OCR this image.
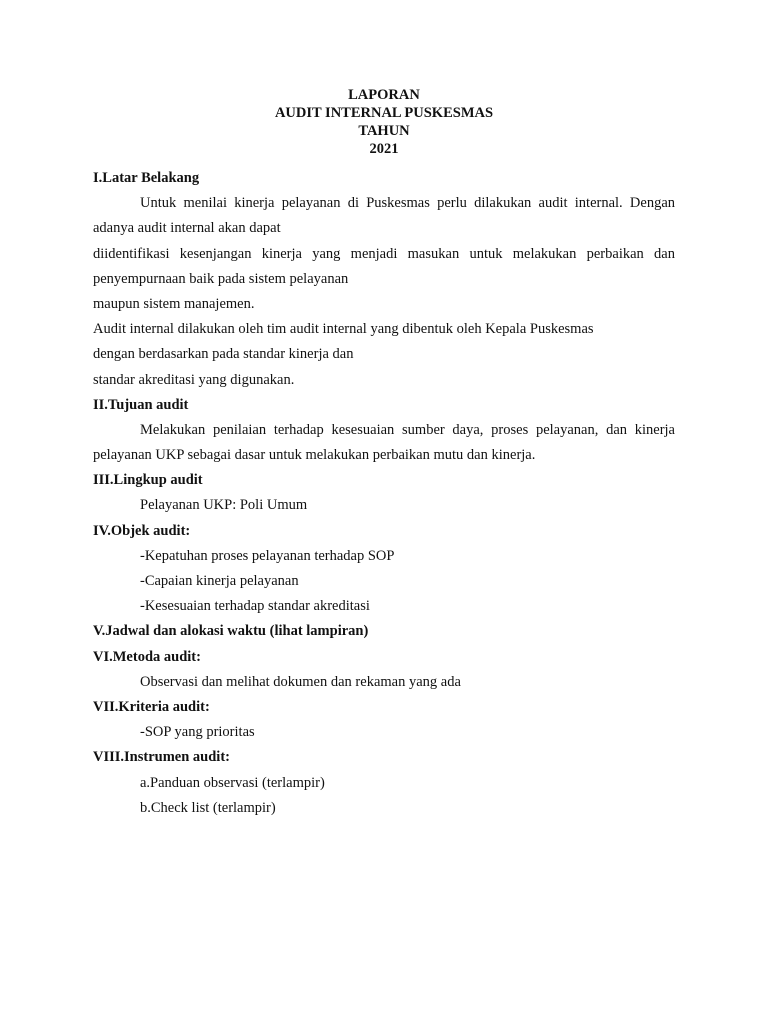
LAPORAN
AUDIT INTERNAL PUSKESMAS
TAHUN
2021
I.Latar Belakang
Untuk menilai kinerja pelayanan di Puskesmas perlu dilakukan audit internal. Dengan
adanya audit internal akan dapat
diidentifikasi kesenjangan kinerja yang menjadi masukan untuk melakukan perbaikan dan
penyempurnaan baik pada sistem pelayanan
maupun sistem manajemen.
Audit internal dilakukan oleh tim audit internal yang dibentuk oleh Kepala Puskesmas
dengan berdasarkan pada standar kinerja dan
standar akreditasi yang digunakan.
II.Tujuan audit
Melakukan penilaian terhadap kesesuaian sumber daya, proses pelayanan, dan kinerja
pelayanan UKP sebagai dasar untuk melakukan perbaikan mutu dan kinerja.
III.Lingkup audit
Pelayanan UKP: Poli Umum
IV.Objek audit:
-Kepatuhan proses pelayanan terhadap SOP
-Capaian kinerja pelayanan
-Kesesuaian terhadap standar akreditasi
V.Jadwal dan alokasi waktu (lihat lampiran)
VI.Metoda audit:
Observasi dan melihat dokumen dan rekaman yang ada
VII.Kriteria audit:
-SOP yang prioritas
VIII.Instrumen audit:
a.Panduan observasi (terlampir)
b.Check list (terlampir)
